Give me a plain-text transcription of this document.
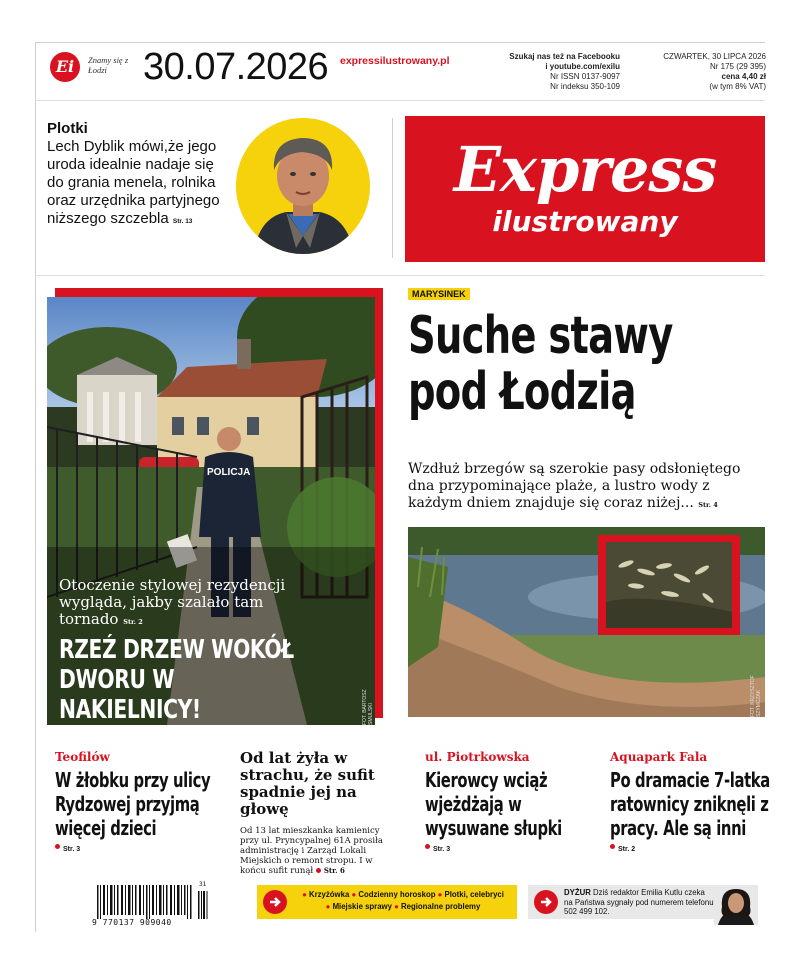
Ei	Znamy się z Łodzi 30.07.2026 expressilustrowany.pl	Szukaj nas też na Facebooku
i youtube.com/exilu
Nr ISSN 0137-9097
Nr indeksu 350-109
CZWARTEK, 30 LIPCA 2026
Nr 175 (29 395)
cena 4,40 zł
(w tym 8% VAT)
Plotki
Lech Dyblik mówi,że jego uroda idealnie nadaje się do grania menela, rolnika oraz urzędnika partyjnego niższego szczebla Str. 13
Express
ilustrowany
POLICJA
Otoczenie stylowej rezydencji wygląda, jakby szalało tam tornado Str. 2
RZEŹ DRZEW WOKÓŁ DWORU W NAKIELNICY!	FOT. BARTOSZ SMULSKI
MARYSINEK
Suche stawy
pod Łodzią
Wzdłuż brzegów są szerokie pasy odsłoniętego dna przypominające plaże, a lustro wody z każdym dniem znajduje się coraz niżej... Str. 4
FOT. KRZYSZTOF SZYMCZAK
Teofilów
W żłobku przy ulicy Rydzowej przyjmą więcej dzieci
Str. 3
Od lat żyła w strachu, że sufit spadnie jej na głowę
Od 13 lat mieszkanka kamienicy przy ul. Pryncypalnej 61A prosiła administrację i Zarząd Lokali Miejskich o remont stropu. I w końcu sufit runął Str. 6
ul. Piotrkowska
Kierowcy wciąż wjeżdżają w wysuwane słupki
Str. 3
Aquapark Fala
Po dramacie 7-latka ratownicy zniknęli z pracy. Ale są inni
Str. 2
31
9 770137 909040
● Krzyżówka ● Codzienny horoskop ● Plotki, celebryci
● Miejskie sprawy ● Regionalne problemy
DYŻUR Dziś redaktor Emilia Kutlu czeka na Państwa sygnały pod numerem telefonu 502 499 102.
